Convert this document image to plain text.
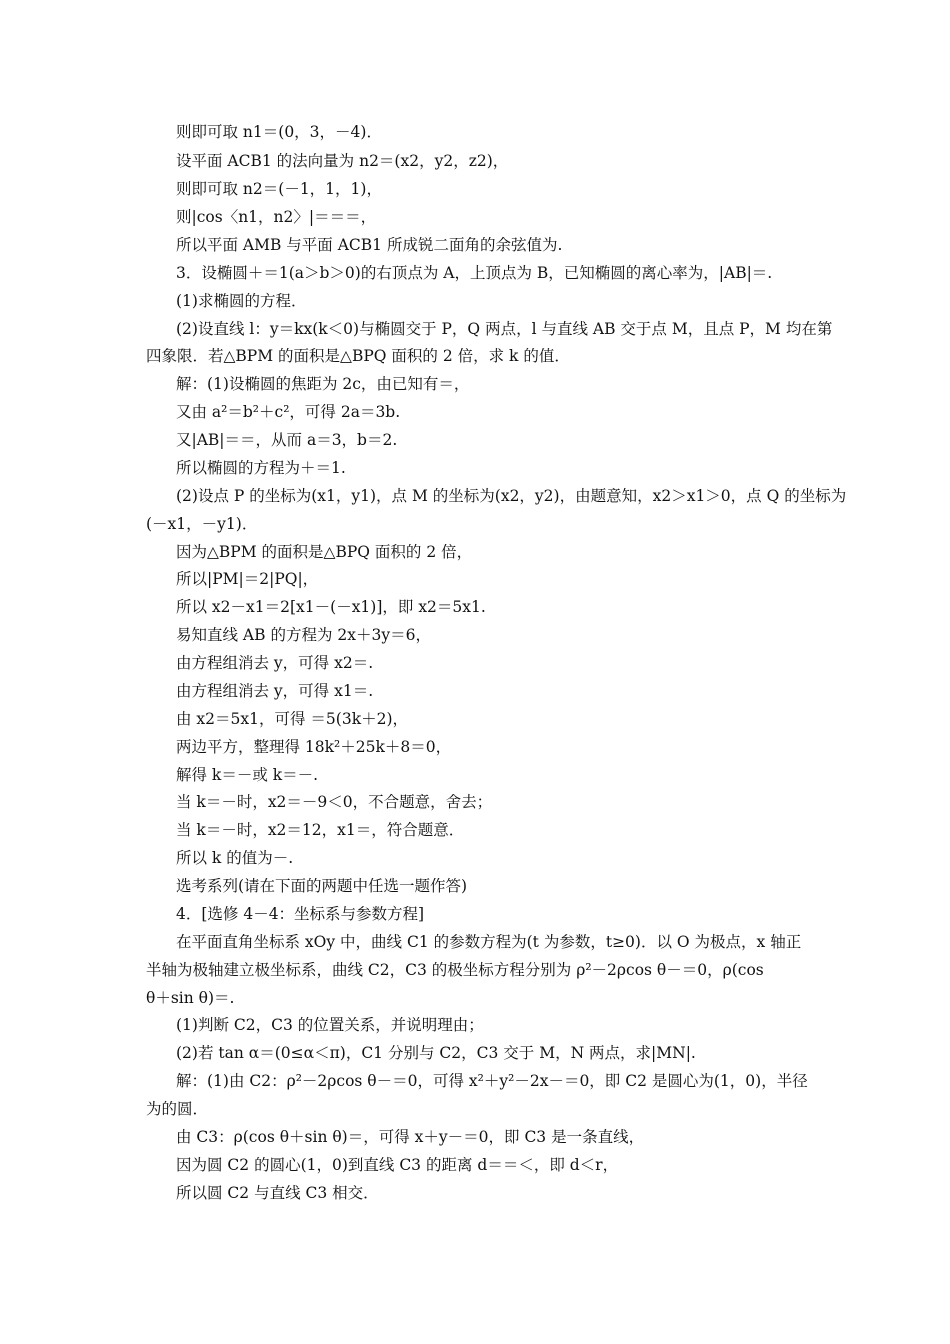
则即可取 n1＝(0，3，－4)．
设平面 ACB1 的法向量为 n2＝(x2，y2，z2)，
则即可取 n2＝(－1，1，1)，
则|cos〈n1，n2〉|＝＝＝，
所以平面 AMB 与平面 ACB1 所成锐二面角的余弦值为.
3．设椭圆＋＝1(a＞b＞0)的右顶点为 A，上顶点为 B，已知椭圆的离心率为，|AB|＝.
(1)求椭圆的方程．
(2)设直线 l：y＝kx(k＜0)与椭圆交于 P，Q 两点，l 与直线 AB 交于点 M，且点 P，M 均在第
四象限．若△BPM 的面积是△BPQ 面积的 2 倍，求 k 的值．
解：(1)设椭圆的焦距为 2c，由已知有＝，
又由 a²＝b²＋c²，可得 2a＝3b.
又|AB|＝＝，从而 a＝3，b＝2.
所以椭圆的方程为＋＝1.
(2)设点 P 的坐标为(x1，y1)，点 M 的坐标为(x2，y2)，由题意知，x2＞x1＞0，点 Q 的坐标为
(－x1，－y1)．
因为△BPM 的面积是△BPQ 面积的 2 倍，
所以|PM|＝2|PQ|，
所以 x2－x1＝2[x1－(－x1)]，即 x2＝5x1.
易知直线 AB 的方程为 2x＋3y＝6，
由方程组消去 y，可得 x2＝.
由方程组消去 y，可得 x1＝.
由 x2＝5x1，可得 ＝5(3k＋2)，
两边平方，整理得 18k²＋25k＋8＝0，
解得 k＝－或 k＝－.
当 k＝－时，x2＝－9＜0，不合题意，舍去；
当 k＝－时，x2＝12，x1＝，符合题意．
所以 k 的值为－.
选考系列(请在下面的两题中任选一题作答)
4．[选修 4－4：坐标系与参数方程]
在平面直角坐标系 xOy 中，曲线 C1 的参数方程为(t 为参数，t≥0)．以 O 为极点，x 轴正
半轴为极轴建立极坐标系，曲线 C2，C3 的极坐标方程分别为 ρ²－2ρcos θ－＝0，ρ(cos
θ＋sin θ)＝.
(1)判断 C2，C3 的位置关系，并说明理由；
(2)若 tan α＝(0≤α＜π)，C1 分别与 C2，C3 交于 M，N 两点，求|MN|.
解：(1)由 C2：ρ²－2ρcos θ－＝0，可得 x²＋y²－2x－＝0，即 C2 是圆心为(1，0)，半径
为的圆．
由 C3：ρ(cos θ＋sin θ)＝，可得 x＋y－＝0，即 C3 是一条直线，
因为圆 C2 的圆心(1，0)到直线 C3 的距离 d＝＝＜，即 d＜r，
所以圆 C2 与直线 C3 相交．
